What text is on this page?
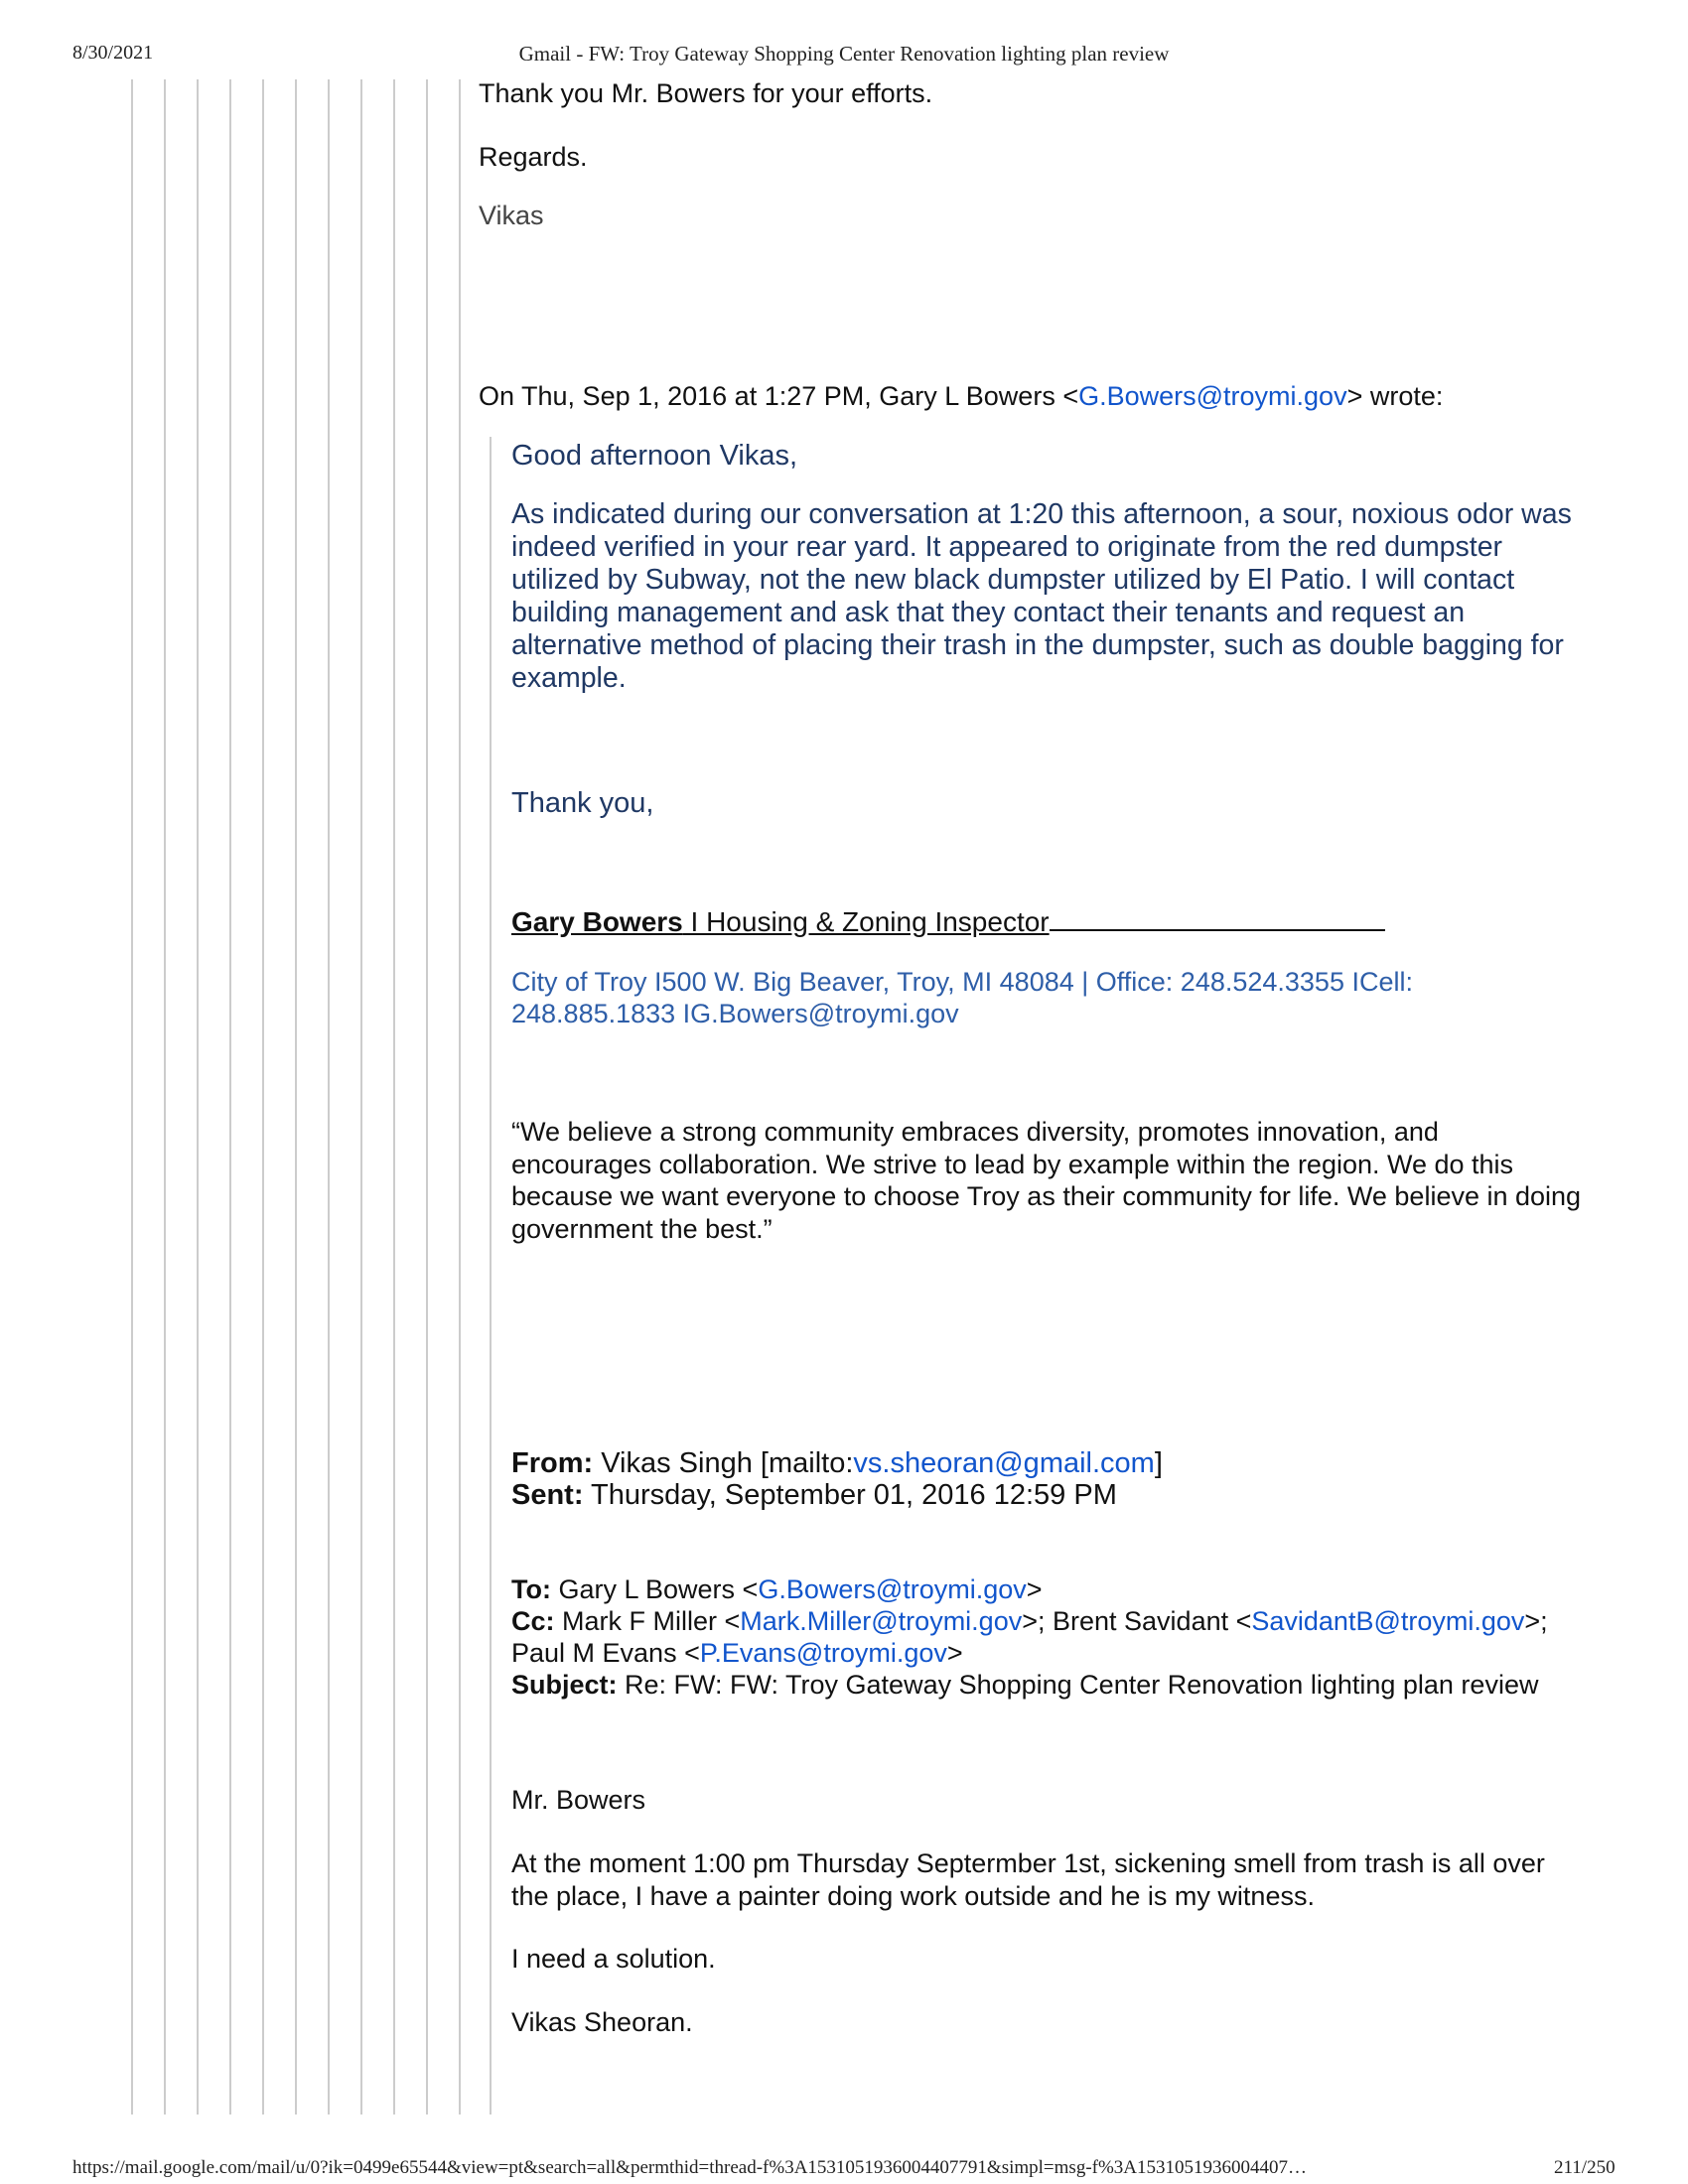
8/30/2021	Gmail - FW: Troy Gateway Shopping Center Renovation lighting plan review
Thank you Mr. Bowers for your efforts.
Regards.
Vikas
On Thu, Sep 1, 2016 at 1:27 PM, Gary L Bowers <G.Bowers@troymi.gov> wrote:
Good afternoon Vikas,
As indicated during our conversation at 1:20 this afternoon, a sour, noxious odor was indeed verified in your rear yard. It appeared to originate from the red dumpster utilized by Subway, not the new black dumpster utilized by El Patio. I will contact building management and ask that they contact their tenants and request an alternative method of placing their trash in the dumpster, such as double bagging for example.
Thank you,
Gary Bowers I Housing & Zoning Inspector
City of Troy I500 W. Big Beaver, Troy, MI 48084 | Office: 248.524.3355 ICell:
248.885.1833 IG.Bowers@troymi.gov
“We believe a strong community embraces diversity, promotes innovation, and encourages collaboration. We strive to lead by example within the region. We do this because we want everyone to choose Troy as their community for life. We believe in doing government the best.”
From: Vikas Singh [mailto:vs.sheoran@gmail.com]
Sent: Thursday, September 01, 2016 12:59 PM
To: Gary L Bowers <G.Bowers@troymi.gov>
Cc: Mark F Miller <Mark.Miller@troymi.gov>; Brent Savidant <SavidantB@troymi.gov>;
Paul M Evans <P.Evans@troymi.gov>
Subject: Re: FW: FW: Troy Gateway Shopping Center Renovation lighting plan review
Mr. Bowers
At the moment 1:00 pm Thursday Septermber 1st, sickening smell from trash is all over the place, I have a painter doing work outside and he is my witness.
I need a solution.
Vikas Sheoran.
https://mail.google.com/mail/u/0?ik=0499e65544&view=pt&search=all&permthid=thread-f%3A1531051936004407791&simpl=msg-f%3A1531051936004407…	211/250
